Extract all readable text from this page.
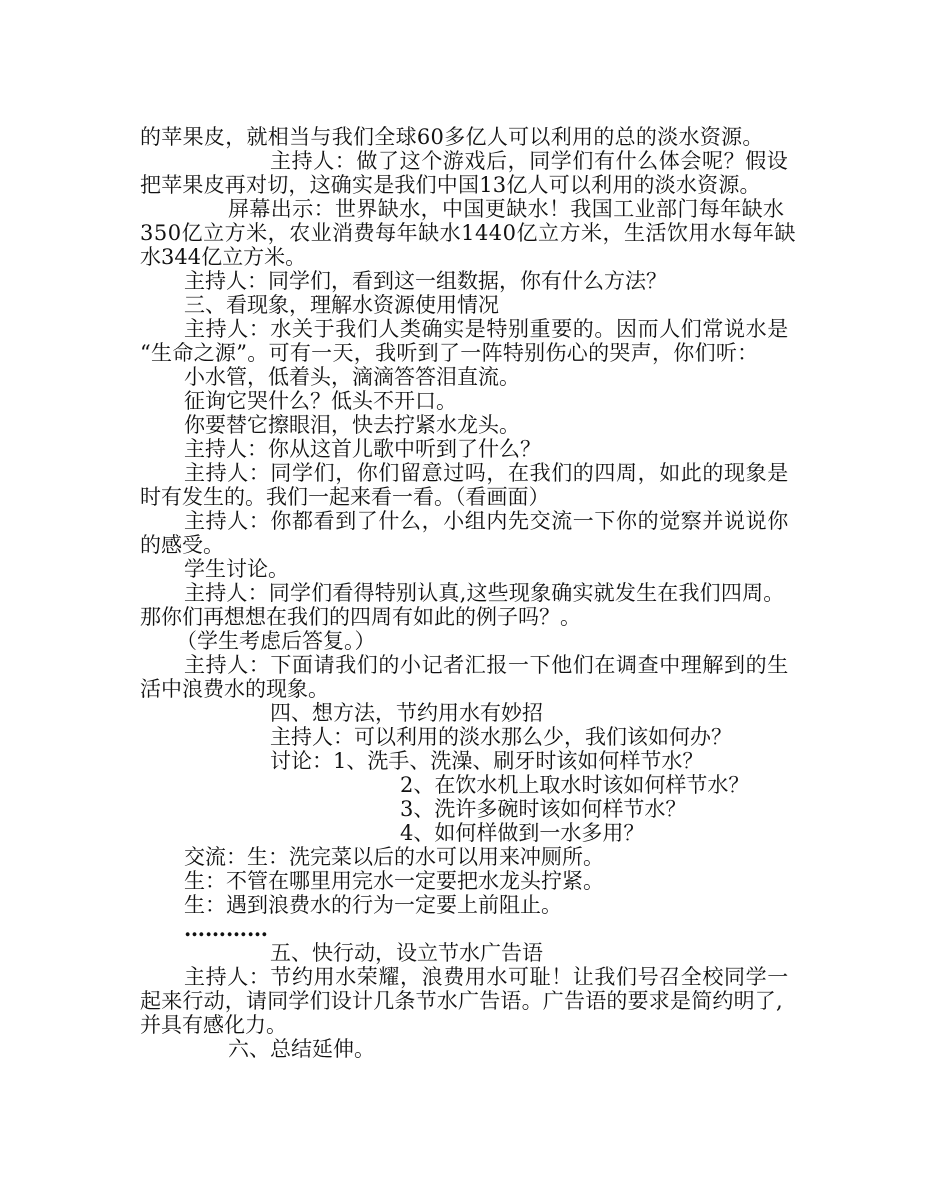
的苹果皮，就相当与我们全球60多亿人可以利用的总的淡水资源。
主持人：做了这个游戏后，同学们有什么体会呢？假设
把苹果皮再对切，这确实是我们中国13亿人可以利用的淡水资源。
屏幕出示：世界缺水，中国更缺水！我国工业部门每年缺水
350亿立方米，农业消费每年缺水1440亿立方米，生活饮用水每年缺
水344亿立方米。
主持人：同学们，看到这一组数据，你有什么方法？
三、看现象，理解水资源使用情况
主持人：水关于我们人类确实是特别重要的。因而人们常说水是
“生命之源”。可有一天，我听到了一阵特别伤心的哭声，你们听：
小水管，低着头，滴滴答答泪直流。
征询它哭什么？低头不开口。
你要替它擦眼泪，快去拧紧水龙头。
主持人：你从这首儿歌中听到了什么？
主持人：同学们，你们留意过吗，在我们的四周，如此的现象是
时有发生的。我们一起来看一看。（看画面）
主持人：你都看到了什么，小组内先交流一下你的觉察并说说你
的感受。
学生讨论。
主持人：同学们看得特别认真,这些现象确实就发生在我们四周。
那你们再想想在我们的四周有如此的例子吗？。
（学生考虑后答复。）
主持人：下面请我们的小记者汇报一下他们在调查中理解到的生
活中浪费水的现象。
四、想方法，节约用水有妙招
主持人：可以利用的淡水那么少，我们该如何办？
讨论：1、洗手、洗澡、刷牙时该如何样节水？
2、在饮水机上取水时该如何样节水？
3、洗许多碗时该如何样节水？
4、如何样做到一水多用？
交流：生：洗完菜以后的水可以用来冲厕所。
生：不管在哪里用完水一定要把水龙头拧紧。
生：遇到浪费水的行为一定要上前阻止。
…………
五、快行动，设立节水广告语
主持人：节约用水荣耀，浪费用水可耻！让我们号召全校同学一
起来行动，请同学们设计几条节水广告语。广告语的要求是简约明了,
并具有感化力。
六、总结延伸。
